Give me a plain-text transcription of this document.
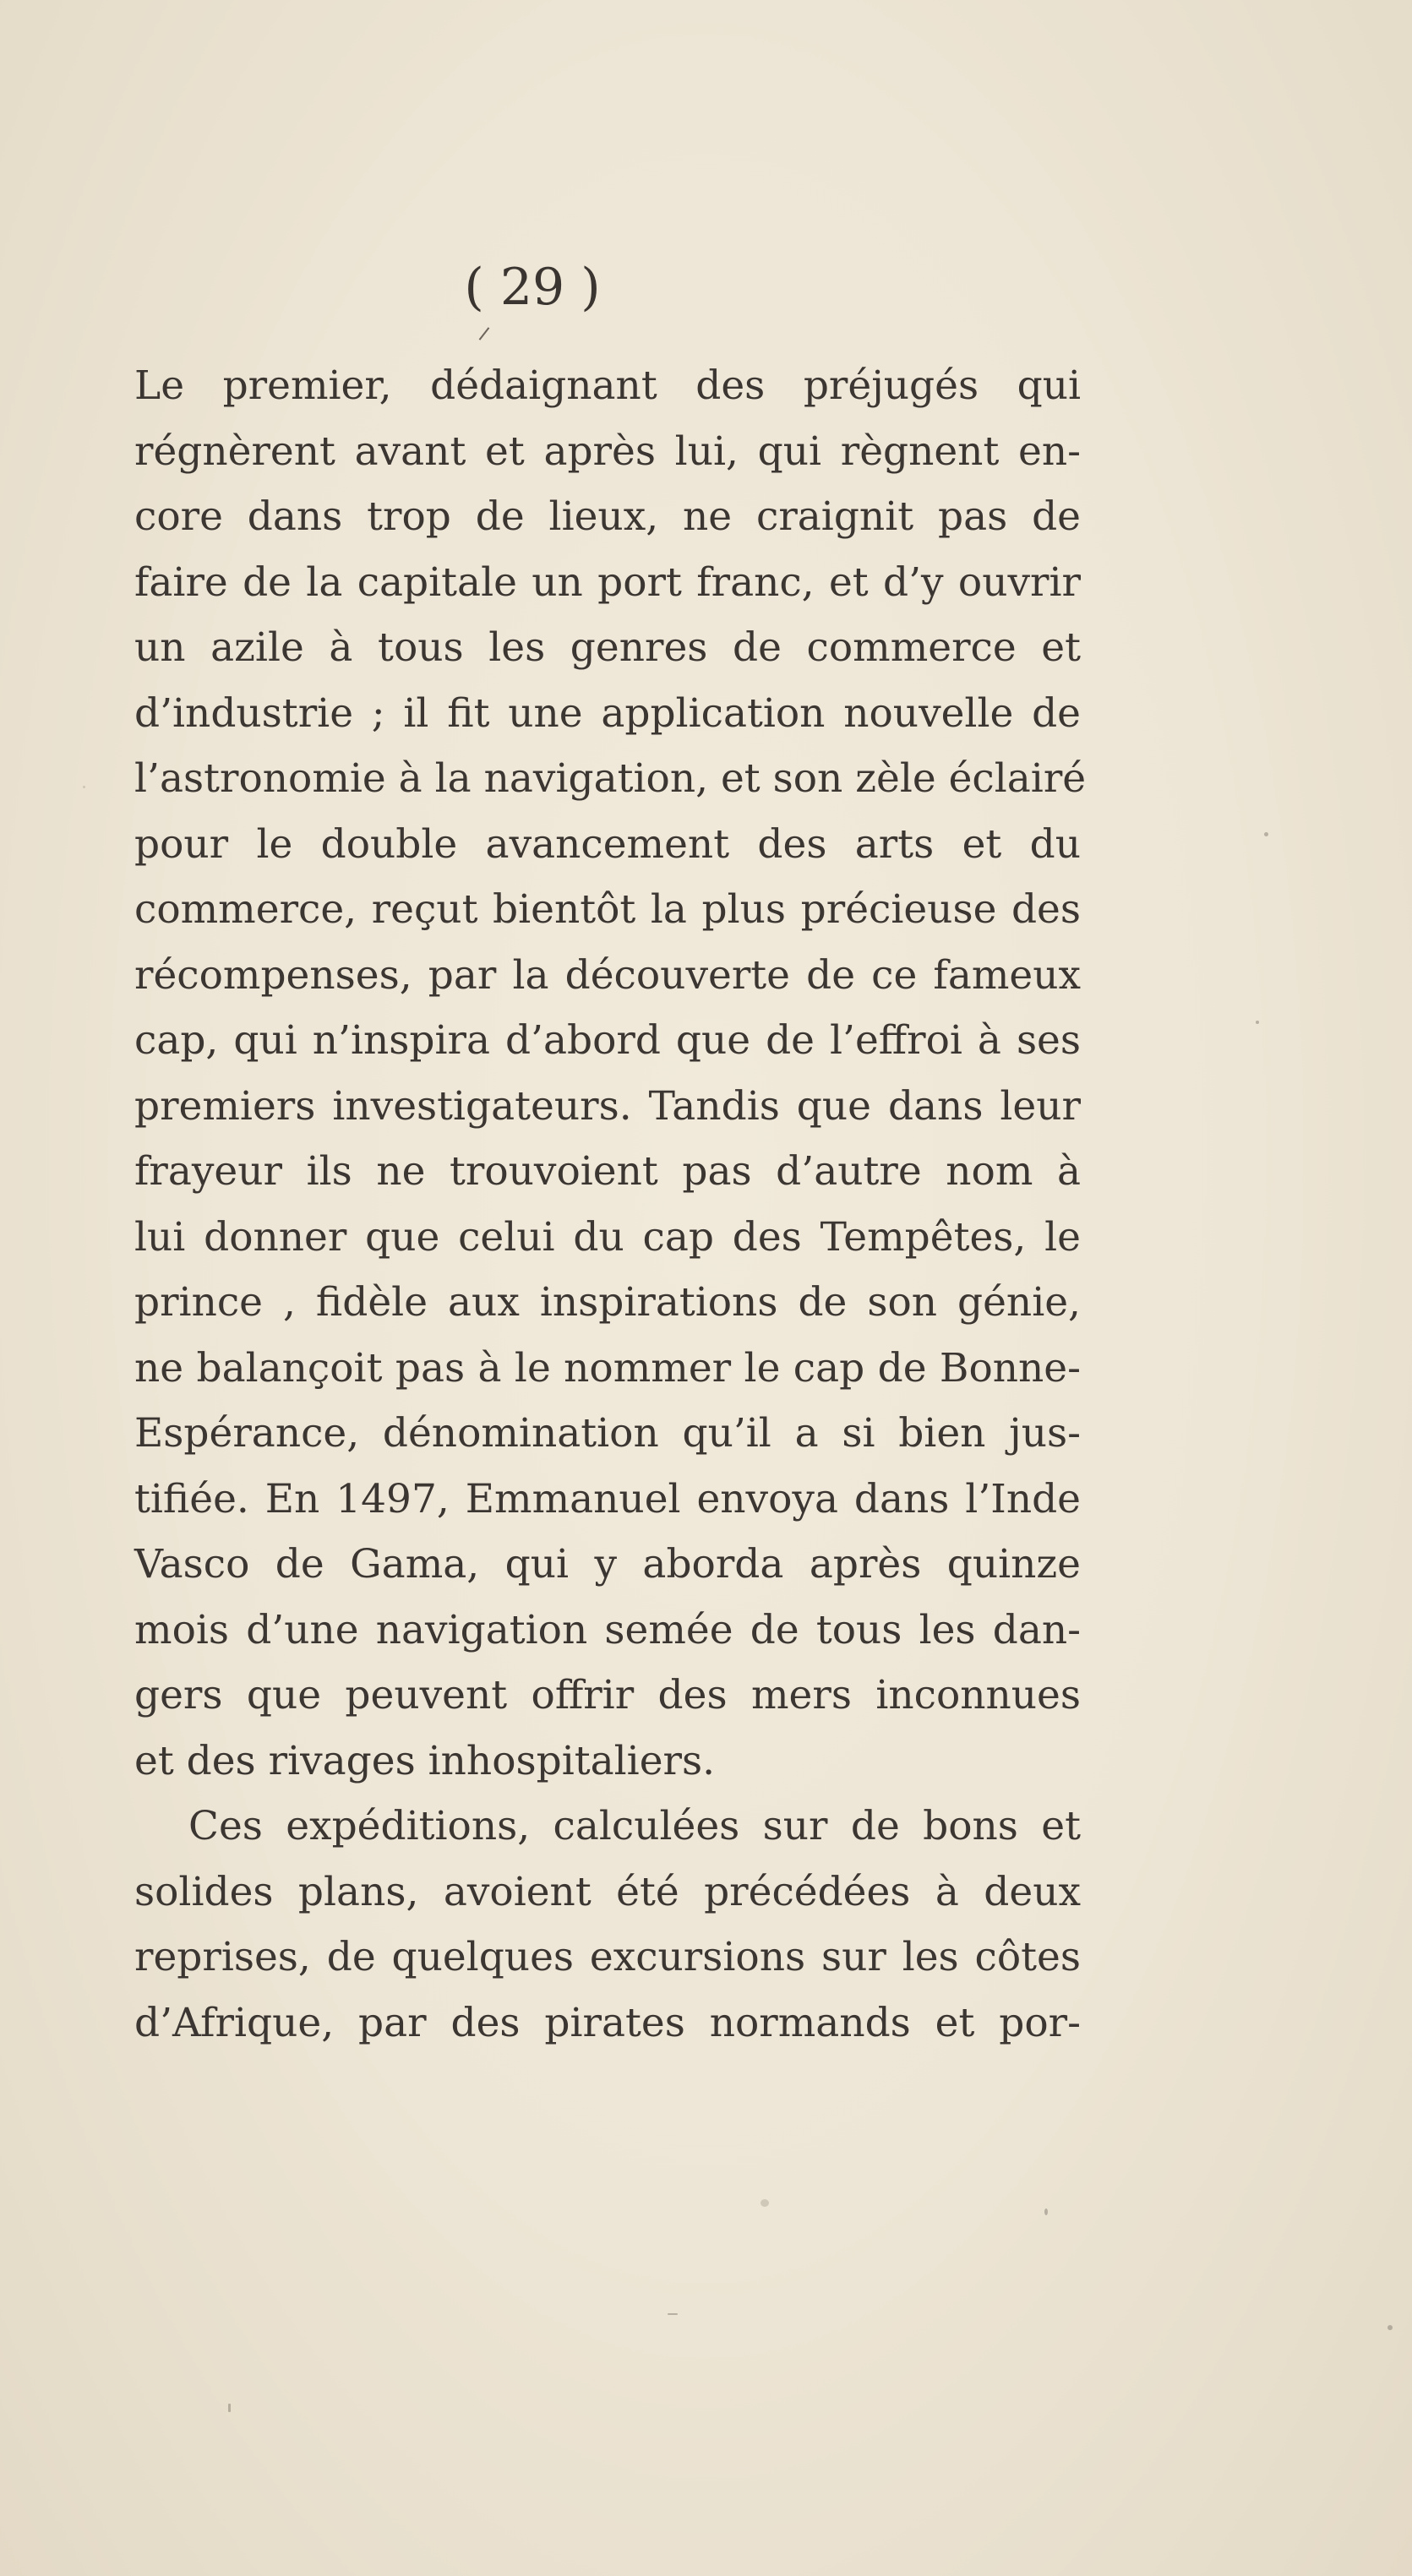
( 29 )
Le premier, dédaignant des préjugés qui
régnèrent avant et après lui, qui règnent en-
core dans trop de lieux, ne craignit pas de
faire de la capitale un port franc, et d’y ouvrir
un azile à tous les genres de commerce et
d’industrie ; il fit une application nouvelle de
l’astronomie à la navigation, et son zèle éclairé
pour le double avancement des arts et du
commerce, reçut bientôt la plus précieuse des
récompenses, par la découverte de ce fameux
cap, qui n’inspira d’abord que de l’effroi à ses
premiers investigateurs. Tandis que dans leur
frayeur ils ne trouvoient pas d’autre nom à
lui donner que celui du cap des Tempêtes, le
prince , fidèle aux inspirations de son génie,
ne balançoit pas à le nommer le cap de Bonne-
Espérance, dénomination qu’il a si bien jus-
tifiée. En 1497, Emmanuel envoya dans l’Inde
Vasco de Gama, qui y aborda après quinze
mois d’une navigation semée de tous les dan-
gers que peuvent offrir des mers inconnues
et des rivages inhospitaliers.
Ces expéditions, calculées sur de bons et
solides plans, avoient été précédées à deux
reprises, de quelques excursions sur les côtes
d’Afrique, par des pirates normands et por-
